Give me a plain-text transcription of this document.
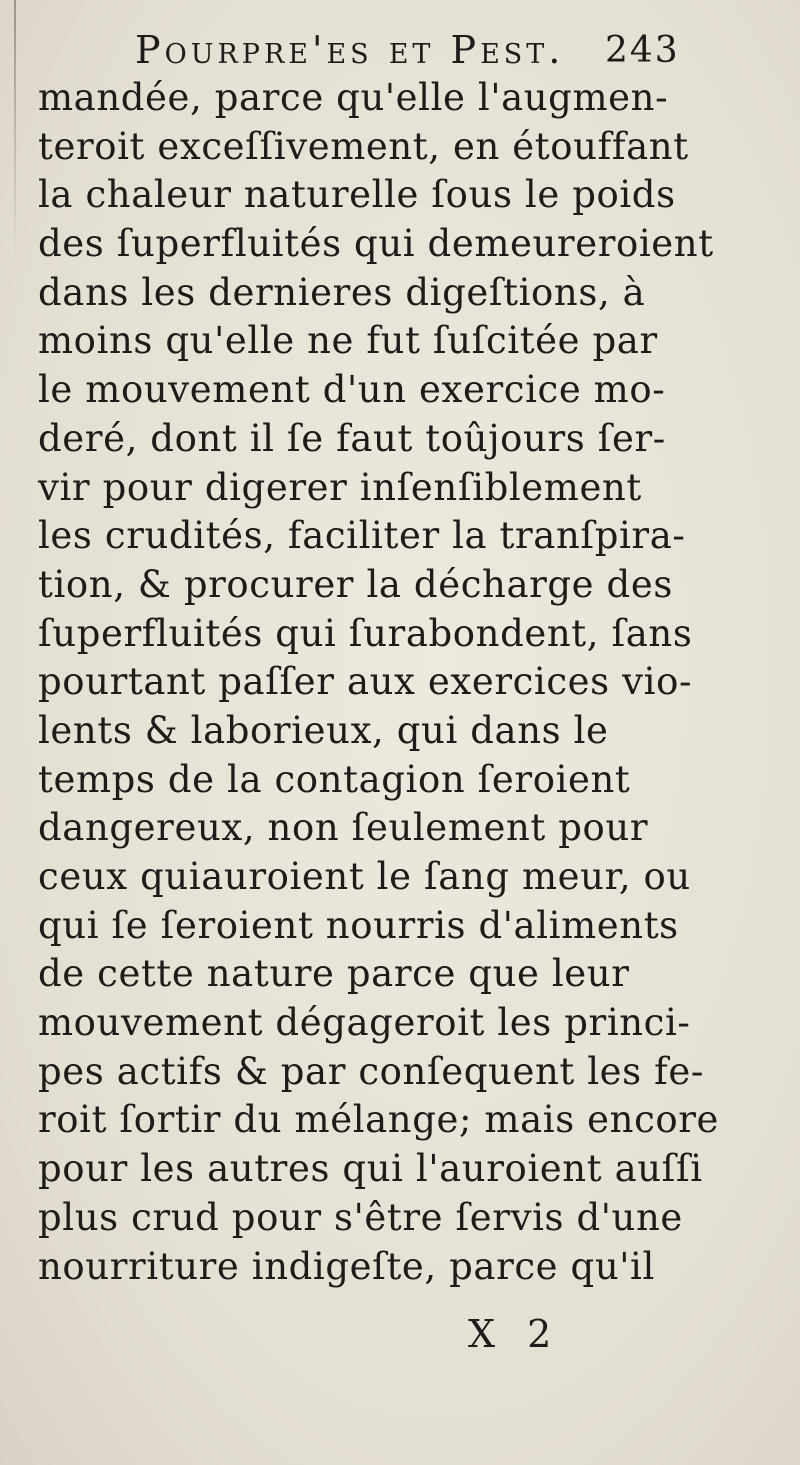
Pourpre'es et Pest. 243
mandée, parce qu'elle l'augmen-
teroit exceſſivement, en étouffant
la chaleur naturelle ſous le poids
des ſuperfluités qui demeureroient
dans les dernieres digeſtions, à
moins qu'elle ne fut ſuſcitée par
le mouvement d'un exercice mo-
deré, dont il ſe faut toûjours ſer-
vir pour digerer inſenſiblement
les crudités, faciliter la tranſpira-
tion, & procurer la décharge des
ſuperfluités qui ſurabondent, ſans
pourtant paſſer aux exercices vio-
lents & laborieux, qui dans le
temps de la contagion ſeroient
dangereux, non ſeulement pour
ceux quiauroient le ſang meur, ou
qui ſe ſeroient nourris d'aliments
de cette nature parce que leur
mouvement dégageroit les princi-
pes actifs & par conſequent les fe-
roit ſortir du mélange; mais encore
pour les autres qui l'auroient auſſi
plus crud pour s'être ſervis d'une
nourriture indigeſte, parce qu'il
X 2
